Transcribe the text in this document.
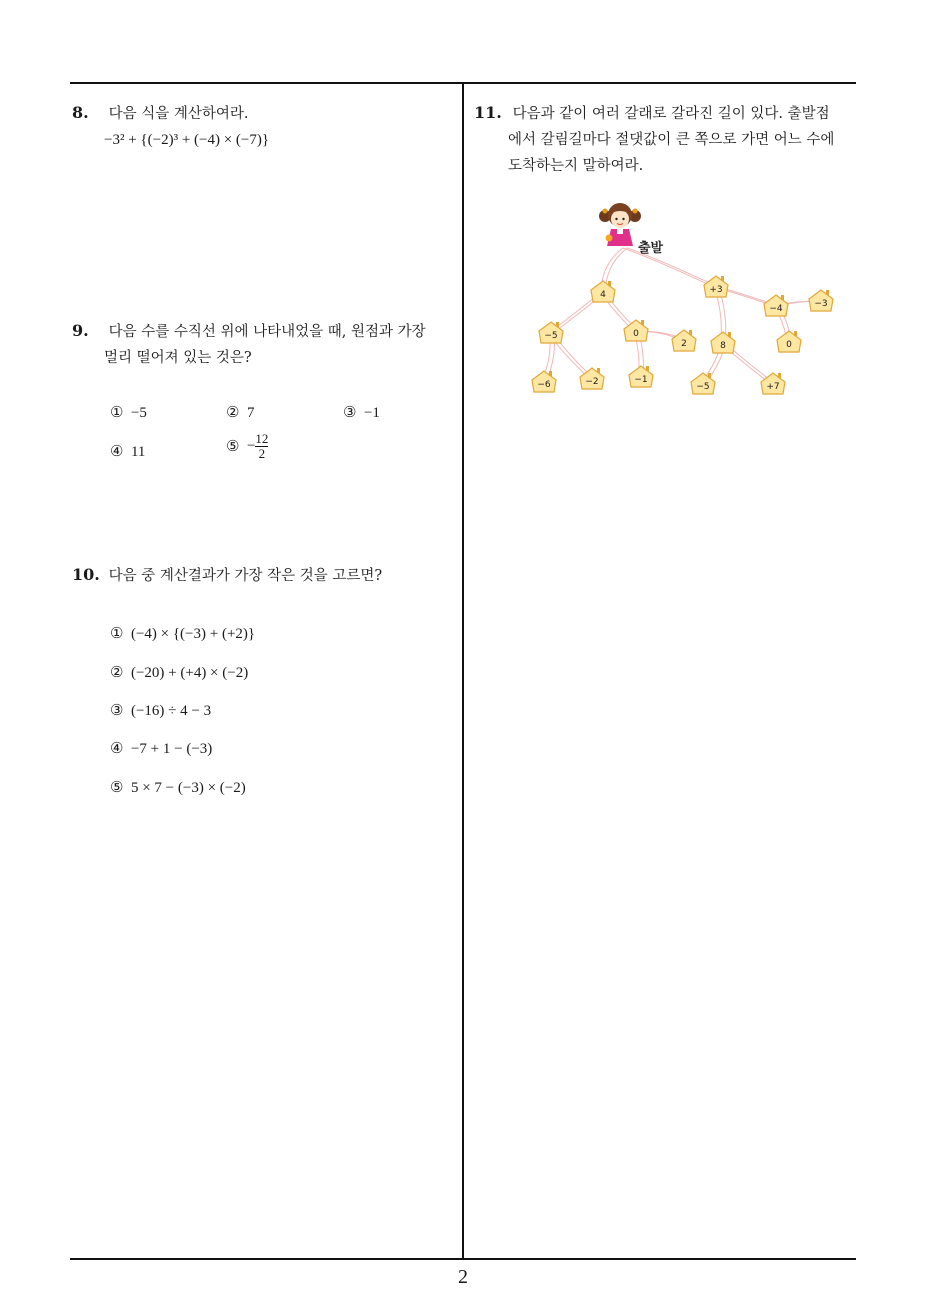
8. 다음 식을 계산하여라.
−3² + {(−2)³ + (−4) × (−7)}
9. 다음 수를 수직선 위에 나타내었을 때, 원점과 가장
멀리 떨어져 있는 것은?
① −5	② 7	③ −1
④ 11	⑤ − $\frac{12}{2}$
10. 다음 중 계산결과가 가장 작은 것을 고르면?
① (−4) × {(−3) + (+2)}
② (−20) + (+4) × (−2)
③ (−16) ÷ 4 − 3
④ −7 + 1 − (−3)
⑤ 5 × 7 − (−3) × (−2)
11. 다음과 같이 여러 갈래로 갈라진 길이 있다. 출발점
에서 갈림길마다 절댓값이 큰 쪽으로 가면 어느 수에
도착하는지 말하여라.
출발
4	+3
−4	−3
−5	0
2	8	0
−6	−2	−1
−5	+7
2
